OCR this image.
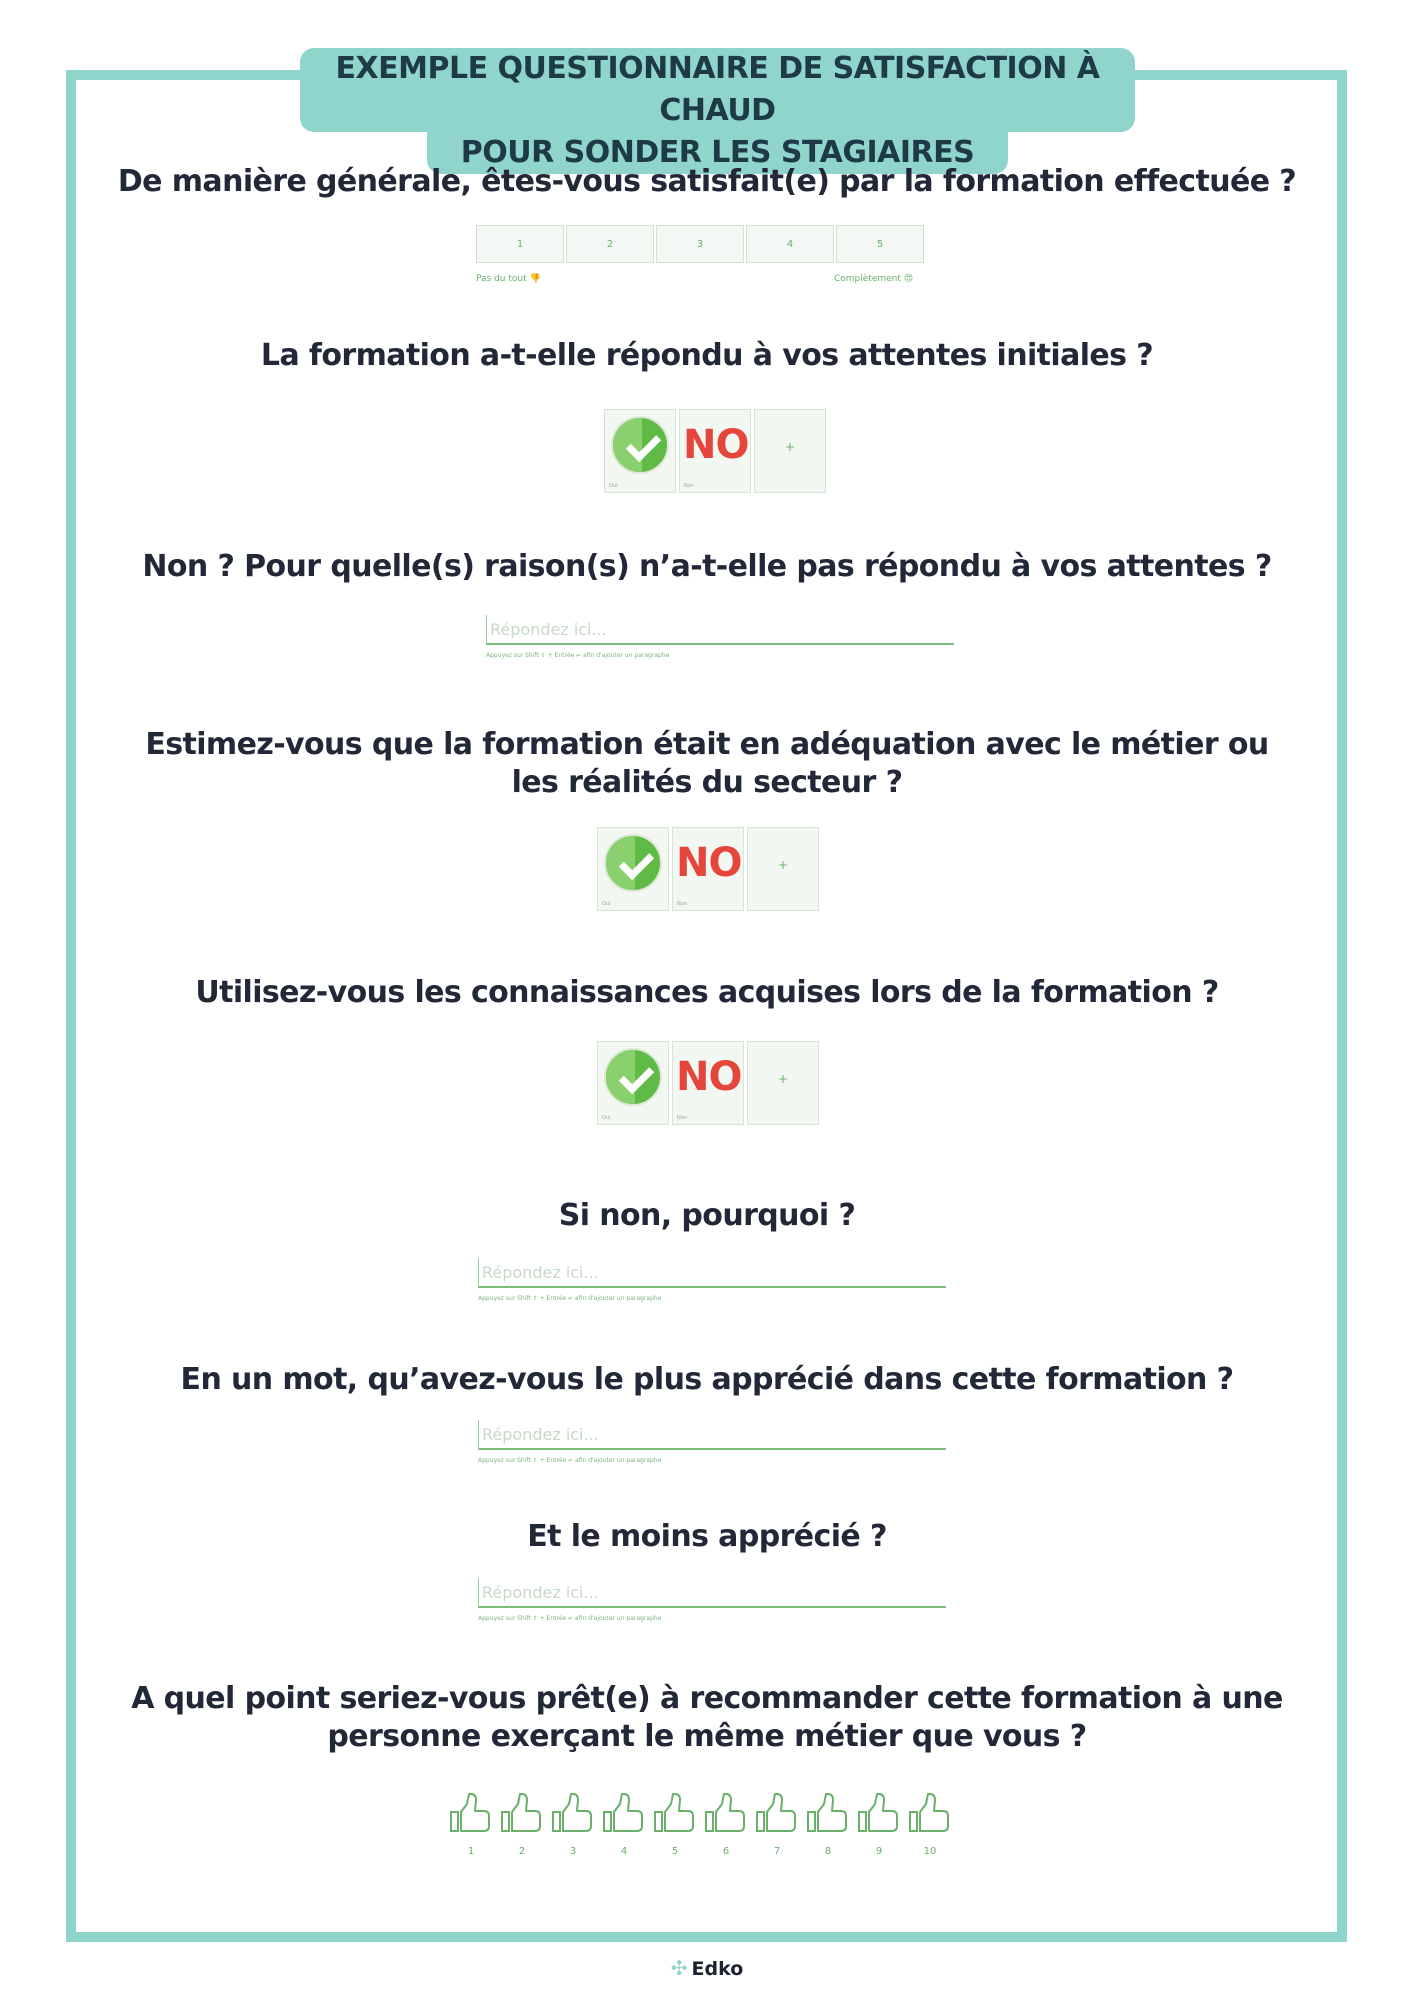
EXEMPLE QUESTIONNAIRE DE SATISFACTION À CHAUD
POUR SONDER LES STAGIAIRES
De manière générale, êtes-vous satisfait(e) par la formation effectuée ?
1	2	3	4	5
Pas du tout 👎	Complètement 😍
La formation a-t-elle répondu à vos attentes initiales ?
Oui
NO
Non
+
Non ? Pour quelle(s) raison(s) n’a-t-elle pas répondu à vos attentes ?
Répondez ici...
Appuyez sur Shift ⇧ + Entrée ↵ afin d'ajouter un paragraphe
Estimez-vous que la formation était en adéquation avec le métier ou
les réalités du secteur ?
Oui
NO
Non
+
Utilisez-vous les connaissances acquises lors de la formation ?
Oui
NO
Non
+
Si non, pourquoi ?
Répondez ici...
Appuyez sur Shift ⇧ + Entrée ↵ afin d'ajouter un paragraphe
En un mot, qu’avez-vous le plus apprécié dans cette formation ?
Répondez ici...
Appuyez sur Shift ⇧ + Entrée ↵ afin d'ajouter un paragraphe
Et le moins apprécié ?
Répondez ici...
Appuyez sur Shift ⇧ + Entrée ↵ afin d'ajouter un paragraphe
A quel point seriez-vous prêt(e) à recommander cette formation à une
personne exerçant le même métier que vous ?
1	2	3	4	5	6	7	8	9	10
✣ Edko
